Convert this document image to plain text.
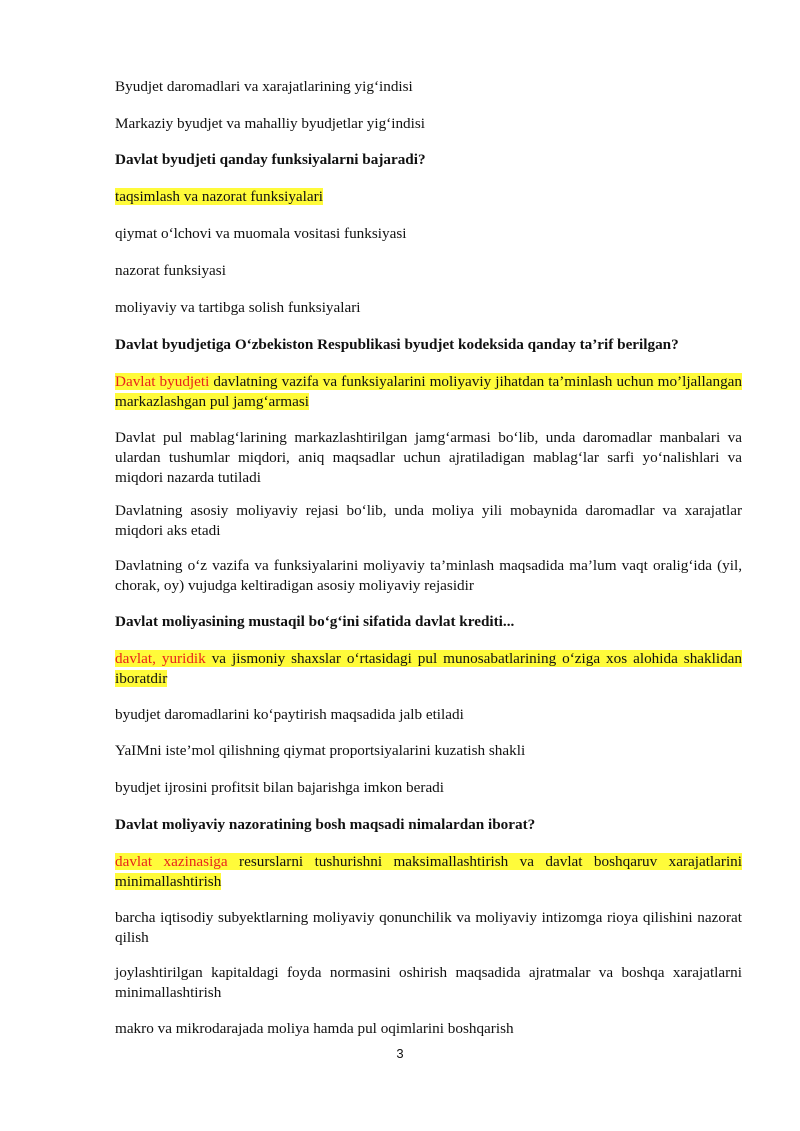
Byudjet daromadlari va xarajatlarining yig‘indisi

Markaziy byudjet va mahalliy byudjetlar yig‘indisi

Davlat byudjeti qanday funksiyalarni bajaradi?

taqsimlash va nazorat funksiyalari

qiymat o‘lchovi va muomala vositasi funksiyasi

nazorat funksiyasi

moliyaviy va tartibga solish funksiyalari

Davlat byudjetiga O‘zbekiston Respublikasi byudjet kodeksida qanday ta’rif berilgan?

Davlat byudjeti davlatning vazifa va funksiyalarini moliyaviy jihatdan ta’minlash uchun mo’ljallangan markazlashgan pul jamg‘armasi

Davlat pul mablag‘larining markazlashtirilgan jamg‘armasi bo‘lib, unda daromadlar manbalari va ulardan tushumlar miqdori, aniq maqsadlar uchun ajratiladigan mablag‘lar sarfi yo‘nalishlari va miqdori nazarda tutiladi

Davlatning asosiy moliyaviy rejasi bo‘lib, unda moliya yili mobaynida daromadlar va xarajatlar miqdori aks etadi

Davlatning o‘z vazifa va funksiyalarini moliyaviy ta’minlash maqsadida ma’lum vaqt oralig‘ida (yil, chorak, oy) vujudga keltiradigan asosiy moliyaviy rejasidir

Davlat moliyasining mustaqil bo‘g‘ini sifatida davlat krediti...

davlat, yuridik va jismoniy shaxslar o‘rtasidagi pul munosabatlarining o‘ziga xos alohida shaklidan iboratdir

byudjet daromadlarini ko‘paytirish maqsadida jalb etiladi

YaIMni iste’mol qilishning qiymat proportsiyalarini kuzatish shakli

byudjet ijrosini profitsit bilan bajarishga imkon beradi

Davlat moliyaviy nazoratining bosh maqsadi nimalardan iborat?

davlat xazinasiga resurslarni tushurishni maksimallashtirish va davlat boshqaruv xarajatlarini minimallashtirish

barcha iqtisodiy subyektlarning moliyaviy qonunchilik va moliyaviy intizomga rioya qilishini nazorat qilish

joylashtirilgan kapitaldagi foyda normasini oshirish maqsadida ajratmalar va boshqa xarajatlarni minimallashtirish

makro va mikrodarajada moliya hamda pul oqimlarini boshqarish

3
